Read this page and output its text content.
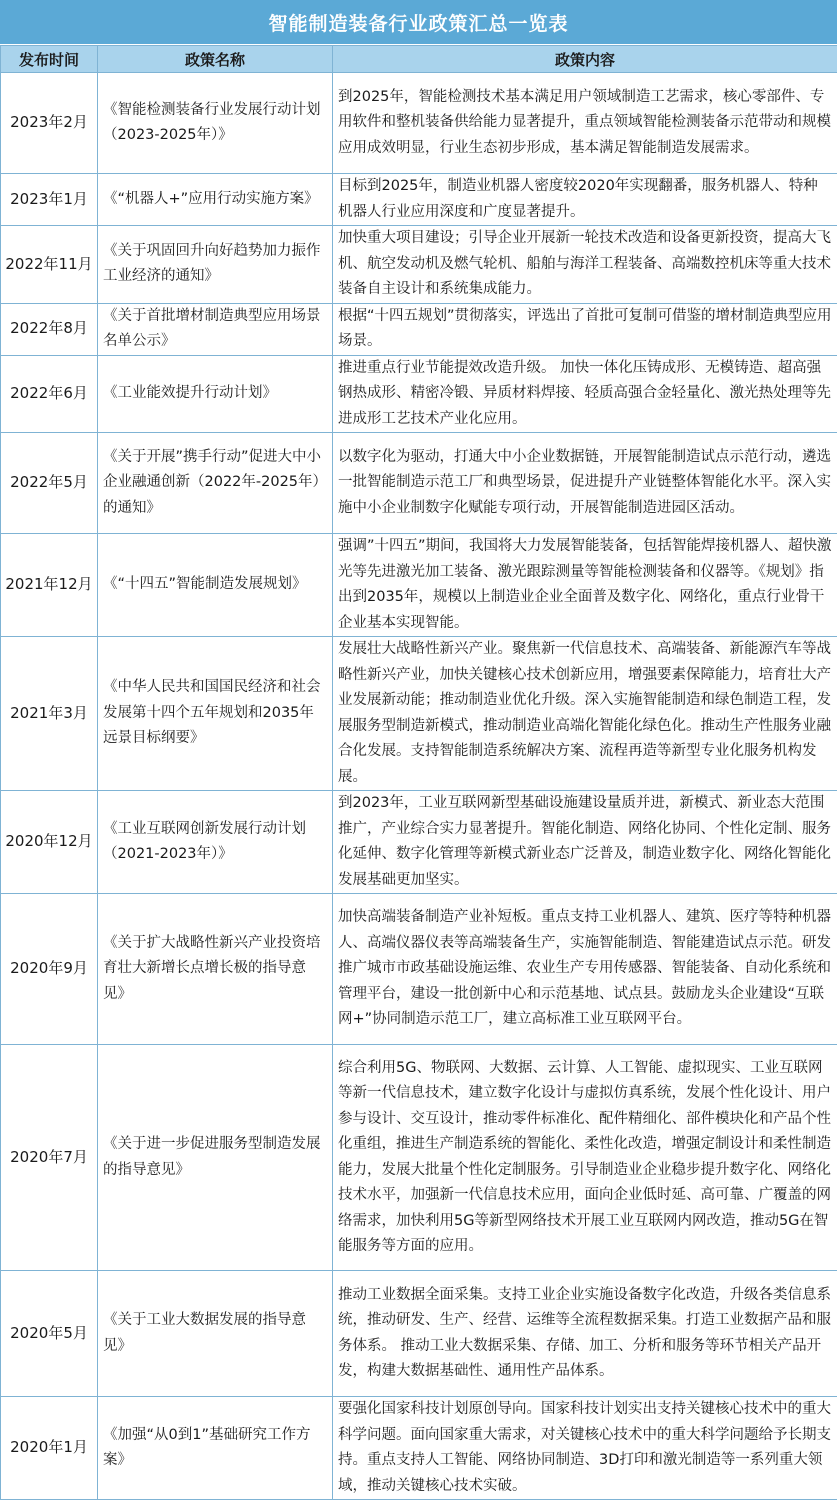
智能制造装备行业政策汇总一览表
发布时间	政策名称	政策内容
2023年2月	《智能检测装备行业发展行动计划（2023-2025年）》	到2025年，智能检测技术基本满足用户领域制造工艺需求，核心零部件、专用软件和整机装备供给能力显著提升，重点领域智能检测装备示范带动和规模应用成效明显，行业生态初步形成，基本满足智能制造发展需求。
2023年1月	《“机器人+”应用行动实施方案》	目标到2025年，制造业机器人密度较2020年实现翻番，服务机器人、特种机器人行业应用深度和广度显著提升。
2022年11月	《关于巩固回升向好趋势加力振作工业经济的通知》	加快重大项目建设；引导企业开展新一轮技术改造和设备更新投资，提高大飞机、航空发动机及燃气轮机、船舶与海洋工程装备、高端数控机床等重大技术装备自主设计和系统集成能力。
2022年8月	《关于首批增材制造典型应用场景名单公示》	根据“十四五规划”贯彻落实，评选出了首批可复制可借鉴的增材制造典型应用场景。
2022年6月	《工业能效提升行动计划》	推进重点行业节能提效改造升级。 加快一体化压铸成形、无模铸造、超高强钢热成形、精密冷锻、异质材料焊接、轻质高强合金轻量化、激光热处理等先进成形工艺技术产业化应用。
2022年5月	《关于开展”携手行动”促进大中小企业融通创新（2022年-2025年）的通知》	以数字化为驱动，打通大中小企业数据链，开展智能制造试点示范行动，遴选一批智能制造示范工厂和典型场景，促进提升产业链整体智能化水平。深入实施中小企业制数字化赋能专项行动，开展智能制造进园区活动。
2021年12月	《“十四五”智能制造发展规划》	强调”十四五”期间，我国将大力发展智能装备，包括智能焊接机器人、超快激光等先进激光加工装备、激光跟踪测量等智能检测装备和仪器等。《规划》指出到2035年，规模以上制造业企业全面普及数字化、网络化，重点行业骨干企业基本实现智能。
2021年3月	《中华人民共和国国民经济和社会发展第十四个五年规划和2035年远景目标纲要》	发展壮大战略性新兴产业。聚焦新一代信息技术、高端装备、新能源汽车等战略性新兴产业，加快关键核心技术创新应用，增强要素保障能力，培育壮大产业发展新动能；推动制造业优化升级。深入实施智能制造和绿色制造工程，发展服务型制造新模式，推动制造业高端化智能化绿色化。推动生产性服务业融合化发展。支持智能制造系统解决方案、流程再造等新型专业化服务机构发展。
2020年12月	《工业互联网创新发展行动计划（2021-2023年）》	到2023年，工业互联网新型基础设施建设量质并进，新模式、新业态大范围推广，产业综合实力显著提升。智能化制造、网络化协同、个性化定制、服务化延伸、数字化管理等新模式新业态广泛普及，制造业数字化、网络化智能化发展基础更加坚实。
2020年9月	《关于扩大战略性新兴产业投资培育壮大新增长点增长极的指导意见》	加快高端装备制造产业补短板。重点支持工业机器人、建筑、医疗等特种机器人、高端仪器仪表等高端装备生产，实施智能制造、智能建造试点示范。研发推广城市市政基础设施运维、农业生产专用传感器、智能装备、自动化系统和管理平台，建设一批创新中心和示范基地、试点县。鼓励龙头企业建设“互联网+”协同制造示范工厂，建立高标准工业互联网平台。
2020年7月	《关于进一步促进服务型制造发展的指导意见》	综合利用5G、物联网、大数据、云计算、人工智能、虚拟现实、工业互联网等新一代信息技术，建立数字化设计与虚拟仿真系统，发展个性化设计、用户参与设计、交互设计，推动零件标准化、配件精细化、部件模块化和产品个性化重组，推进生产制造系统的智能化、柔性化改造，增强定制设计和柔性制造能力，发展大批量个性化定制服务。引导制造业企业稳步提升数字化、网络化技术水平，加强新一代信息技术应用，面向企业低时延、高可靠、广覆盖的网络需求，加快利用5G等新型网络技术开展工业互联网内网改造，推动5G在智能服务等方面的应用。
2020年5月	《关于工业大数据发展的指导意见》	推动工业数据全面采集。支持工业企业实施设备数字化改造，升级各类信息系统，推动研发、生产、经营、运维等全流程数据采集。打造工业数据产品和服务体系。 推动工业大数据采集、存储、加工、分析和服务等环节相关产品开发，构建大数据基础性、通用性产品体系。
2020年1月	《加强“从0到1”基础研究工作方案》	要强化国家科技计划原创导向。国家科技计划实出支持关键核心技术中的重大科学问题。面向国家重大需求，对关键核心技术中的重大科学问题给予长期支持。重点支持人工智能、网络协同制造、3D打印和激光制造等一系列重大领域，推动关键核心技术实破。
